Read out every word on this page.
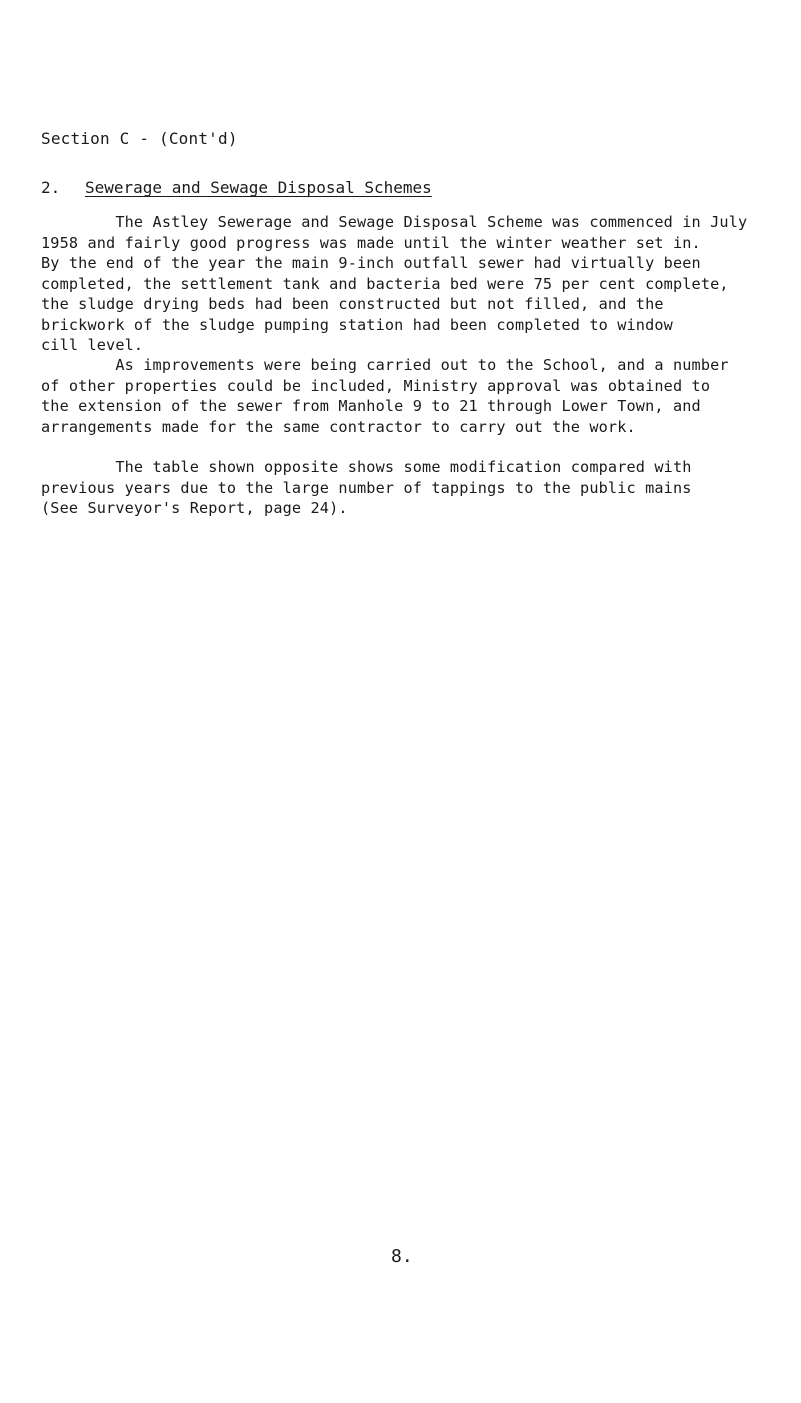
Section C - (Cont'd)
2. Sewerage and Sewage Disposal Schemes
The Astley Sewerage and Sewage Disposal Scheme was commenced in July
1958 and fairly good progress was made until the winter weather set in.
By the end of the year the main 9-inch outfall sewer had virtually been
completed, the settlement tank and bacteria bed were 75 per cent complete,
the sludge drying beds had been constructed but not filled, and the
brickwork of the sludge pumping station had been completed to window
cill level.
As improvements were being carried out to the School, and a number
of other properties could be included, Ministry approval was obtained to
the extension of the sewer from Manhole 9 to 21 through Lower Town, and
arrangements made for the same contractor to carry out the work.
The table shown opposite shows some modification compared with
previous years due to the large number of tappings to the public mains
(See Surveyor's Report, page 24).
8.
